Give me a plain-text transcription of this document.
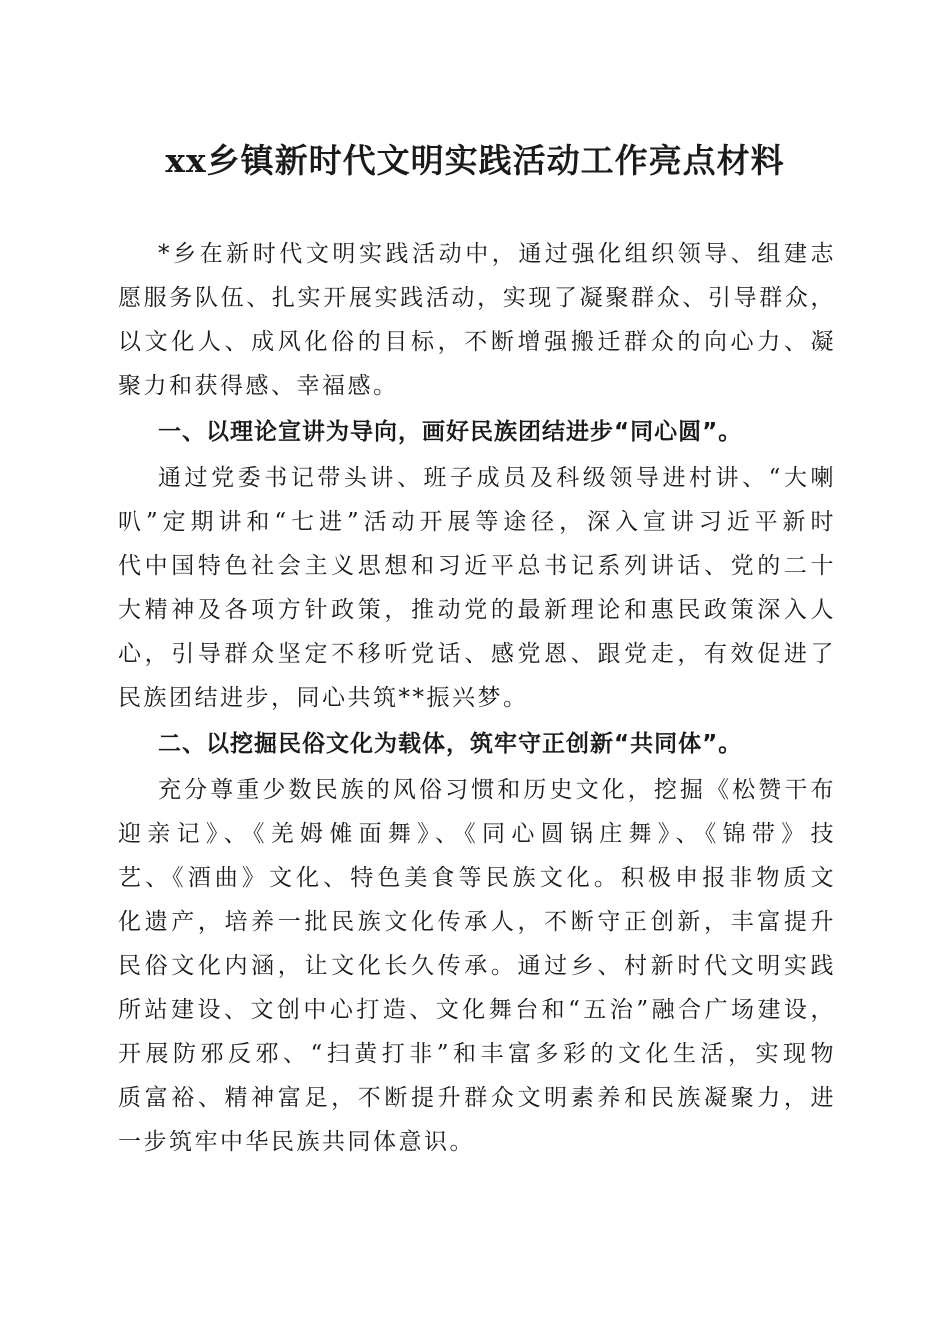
xx乡镇新时代文明实践活动工作亮点材料
*乡在新时代文明实践活动中，通过强化组织领导、组建志
愿服务队伍、扎实开展实践活动，实现了凝聚群众、引导群众，
以文化人、成风化俗的目标，不断增强搬迁群众的向心力、凝
聚力和获得感、幸福感。
一、以理论宣讲为导向，画好民族团结进步“同心圆”。
通过党委书记带头讲、班子成员及科级领导进村讲、“大喇
叭”定期讲和“七进”活动开展等途径，深入宣讲习近平新时
代中国特色社会主义思想和习近平总书记系列讲话、党的二十
大精神及各项方针政策，推动党的最新理论和惠民政策深入人
心，引导群众坚定不移听党话、感党恩、跟党走，有效促进了
民族团结进步，同心共筑**振兴梦。
二、以挖掘民俗文化为载体，筑牢守正创新“共同体”。
充分尊重少数民族的风俗习惯和历史文化，挖掘《松赞干布
迎亲记》、《羌姆傩面舞》、《同心圆锅庄舞》、《锦带》技
艺、《酒曲》文化、特色美食等民族文化。积极申报非物质文
化遗产，培养一批民族文化传承人，不断守正创新，丰富提升
民俗文化内涵，让文化长久传承。通过乡、村新时代文明实践
所站建设、文创中心打造、文化舞台和“五治”融合广场建设，
开展防邪反邪、“扫黄打非”和丰富多彩的文化生活，实现物
质富裕、精神富足，不断提升群众文明素养和民族凝聚力，进
一步筑牢中华民族共同体意识。
